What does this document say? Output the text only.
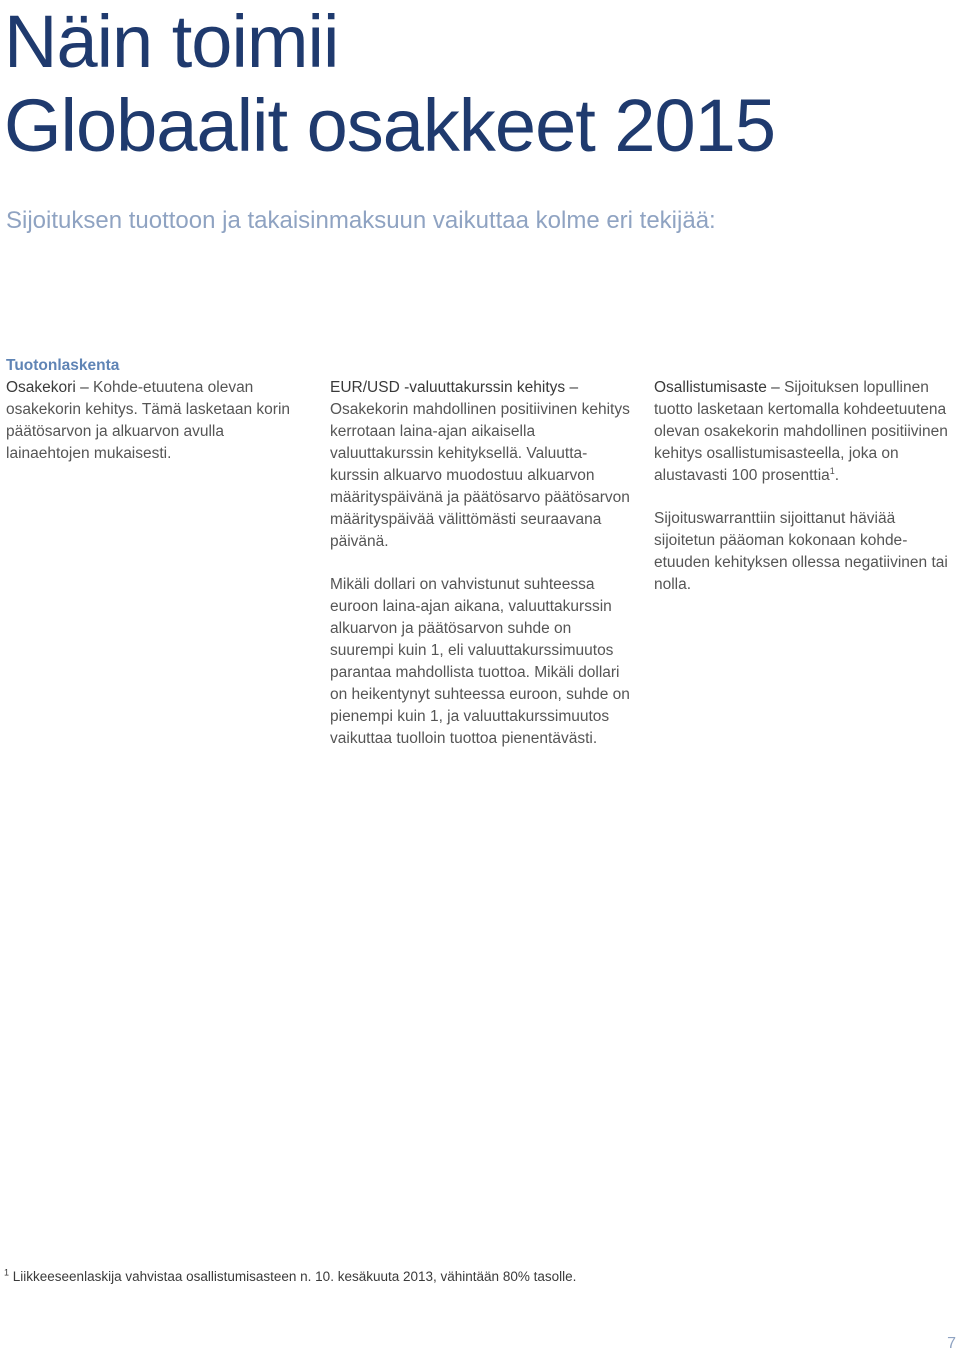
Näin toimii
Globaalit osakkeet 2015

Sijoituksen tuottoon ja takaisinmaksuun vaikuttaa kolme eri tekijää:

Tuotonlaskenta

Osakekori – Kohde-etuutena olevan osakekorin kehitys. Tämä lasketaan korin päätösarvon ja alkuarvon avulla lainaehtojen mukaisesti.

EUR/USD -valuuttakurssin kehitys – Osakekorin mahdollinen positiivinen kehitys kerrotaan laina-ajan aikaisella valuuttakurssin kehityksellä. Valuuttakurssin alkuarvo muodostuu alkuarvon määrityspäivänä ja päätösarvo päätösarvon määrityspäivää välittömästi seuraavana päivänä.

Mikäli dollari on vahvistunut suhteessa euroon laina-ajan aikana, valuuttakurssin alkuarvon ja päätösarvon suhde on suurempi kuin 1, eli valuuttakurssimuutos parantaa mahdollista tuottoa. Mikäli dollari on heikentynyt suhteessa euroon, suhde on pienempi kuin 1, ja valuuttakurssimuutos vaikuttaa tuolloin tuottoa pienentävästi.

Osallistumisaste – Sijoituksen lopullinen tuotto lasketaan kertomalla kohdeetuutena olevan osakekorin mahdollinen positiivinen kehitys osallistumisasteella, joka on alustavasti 100 prosenttia$^1$.

Sijoituswarranttiin sijoittanut häviää sijoitetun pääoman kokonaan kohdeetuuden kehityksen ollessa negatiivinen tai nolla.

$^1$ Liikkeeseenlaskija vahvistaa osallistumisasteen n. 10. kesäkuuta 2013, vähintään 80% tasolle.
7
